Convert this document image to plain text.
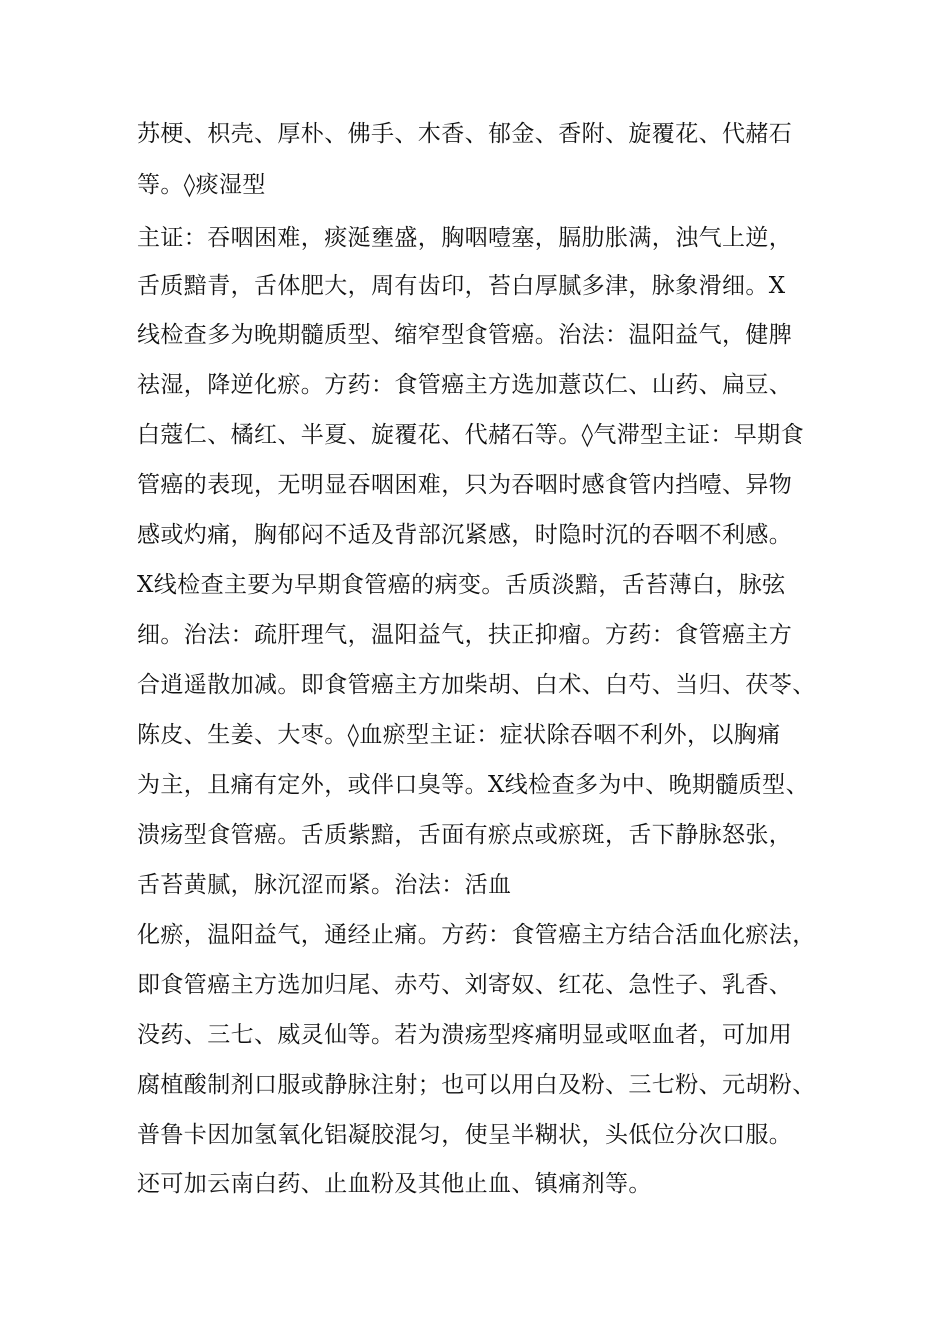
苏梗、枳壳、厚朴、佛手、木香、郁金、香附、旋覆花、代赭石
等。◊痰湿型
主证：吞咽困难，痰涎壅盛，胸咽噎塞，膈肋胀满，浊气上逆，
舌质黯青，舌体肥大，周有齿印，苔白厚腻多津，脉象滑细。X
线检查多为晚期髓质型、缩窄型食管癌。治法：温阳益气，健脾
祛湿，降逆化瘀。方药：食管癌主方选加薏苡仁、山药、扁豆、
白蔻仁、橘红、半夏、旋覆花、代赭石等。◊气滞型主证：早期食
管癌的表现，无明显吞咽困难，只为吞咽时感食管内挡噎、异物
感或灼痛，胸郁闷不适及背部沉紧感，时隐时沉的吞咽不利感。
X线检查主要为早期食管癌的病变。舌质淡黯，舌苔薄白，脉弦
细。治法：疏肝理气，温阳益气，扶正抑瘤。方药：食管癌主方
合逍遥散加减。即食管癌主方加柴胡、白术、白芍、当归、茯苓、
陈皮、生姜、大枣。◊血瘀型主证：症状除吞咽不利外，以胸痛
为主，且痛有定外，或伴口臭等。X线检查多为中、晚期髓质型、
溃疡型食管癌。舌质紫黯，舌面有瘀点或瘀斑，舌下静脉怒张，
舌苔黄腻，脉沉涩而紧。治法：活血
化瘀，温阳益气，通经止痛。方药：食管癌主方结合活血化瘀法，
即食管癌主方选加归尾、赤芍、刘寄奴、红花、急性子、乳香、
没药、三七、威灵仙等。若为溃疡型疼痛明显或呕血者，可加用
腐植酸制剂口服或静脉注射；也可以用白及粉、三七粉、元胡粉、
普鲁卡因加氢氧化铝凝胶混匀，使呈半糊状，头低位分次口服。
还可加云南白药、止血粉及其他止血、镇痛剂等。
